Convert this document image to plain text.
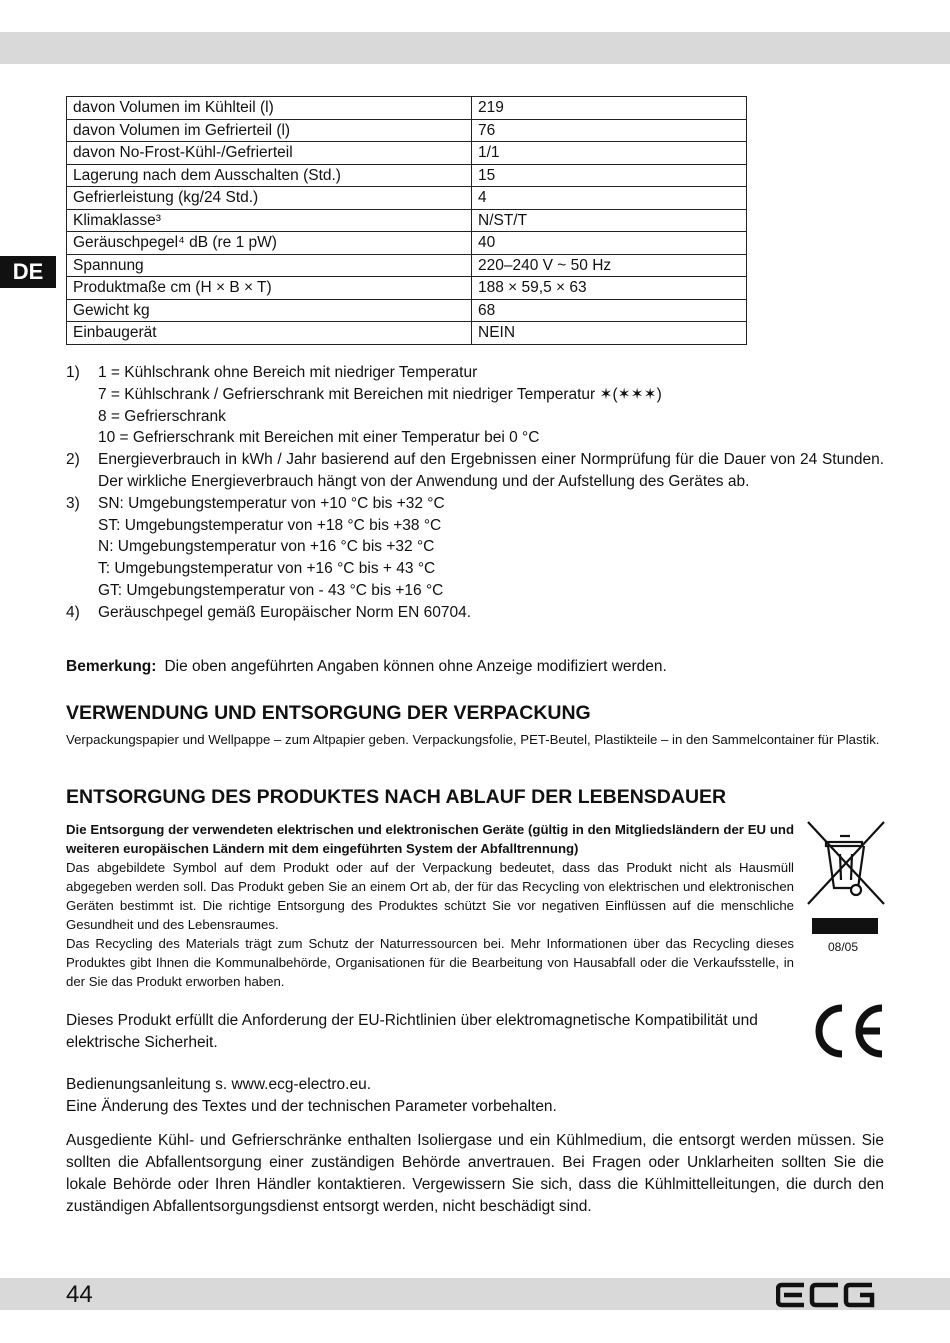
DE
davon Volumen im Kühlteil (l)	219
davon Volumen im Gefrierteil (l)	76
davon No-Frost-Kühl-/Gefrierteil	1/1
Lagerung nach dem Ausschalten (Std.)	15
Gefrierleistung (kg/24 Std.)	4
Klimaklasse³	N/ST/T
Geräuschpegel⁴ dB (re 1 pW)	40
Spannung	220–240 V ~ 50 Hz
Produktmaße cm (H × B × T)	188 × 59,5 × 63
Gewicht kg	68
Einbaugerät	NEIN
1)	1 = Kühlschrank ohne Bereich mit niedriger Temperatur
7 = Kühlschrank / Gefrierschrank mit Bereichen mit niedriger Temperatur ✶(✶✶✶)
8 = Gefrierschrank
10 = Gefrierschrank mit Bereichen mit einer Temperatur bei 0 °C
2)	Energieverbrauch in kWh / Jahr basierend auf den Ergebnissen einer Normprüfung für die Dauer von 24 Stunden. Der wirkliche Energieverbrauch hängt von der Anwendung und der Aufstellung des Gerätes ab.
3)	SN: Umgebungstemperatur von +10 °C bis +32 °C
ST: Umgebungstemperatur von +18 °C bis +38 °C
N: Umgebungstemperatur von +16 °C bis +32 °C
T: Umgebungstemperatur von +16 °C bis + 43 °C
GT: Umgebungstemperatur von - 43 °C bis +16 °C
4)	Geräuschpegel gemäß Europäischer Norm EN 60704.
Bemerkung: Die oben angeführten Angaben können ohne Anzeige modifiziert werden.
VERWENDUNG UND ENTSORGUNG DER VERPACKUNG
Verpackungspapier und Wellpappe – zum Altpapier geben. Verpackungsfolie, PET-Beutel, Plastikteile – in den Sammelcontainer für Plastik.
ENTSORGUNG DES PRODUKTES NACH ABLAUF DER LEBENSDAUER
Die Entsorgung der verwendeten elektrischen und elektronischen Geräte (gültig in den Mitgliedsländern der EU und weiteren europäischen Ländern mit dem eingeführten System der Abfalltrennung)
Das abgebildete Symbol auf dem Produkt oder auf der Verpackung bedeutet, dass das Produkt nicht als Hausmüll abgegeben werden soll. Das Produkt geben Sie an einem Ort ab, der für das Recycling von elektrischen und elektronischen Geräten bestimmt ist. Die richtige Entsorgung des Produktes schützt Sie vor negativen Einflüssen auf die menschliche Gesundheit und des Lebensraumes.
Das Recycling des Materials trägt zum Schutz der Naturressourcen bei. Mehr Informationen über das Recycling dieses Produktes gibt Ihnen die Kommunalbehörde, Organisationen für die Bearbeitung von Hausabfall oder die Verkaufsstelle, in der Sie das Produkt erworben haben.
08/05
Dieses Produkt erfüllt die Anforderung der EU-Richtlinien über elektromagnetische Kompatibilität und elektrische Sicherheit.
Bedienungsanleitung s. www.ecg-electro.eu.
Eine Änderung des Textes und der technischen Parameter vorbehalten.
Ausgediente Kühl- und Gefrierschränke enthalten Isoliergase und ein Kühlmedium, die entsorgt werden müssen. Sie sollten die Abfallentsorgung einer zuständigen Behörde anvertrauen. Bei Fragen oder Unklarheiten sollten Sie die lokale Behörde oder Ihren Händler kontaktieren. Vergewissern Sie sich, dass die Kühlmittelleitungen, die durch den zuständigen Abfallentsorgungsdienst entsorgt werden, nicht beschädigt sind.
44
